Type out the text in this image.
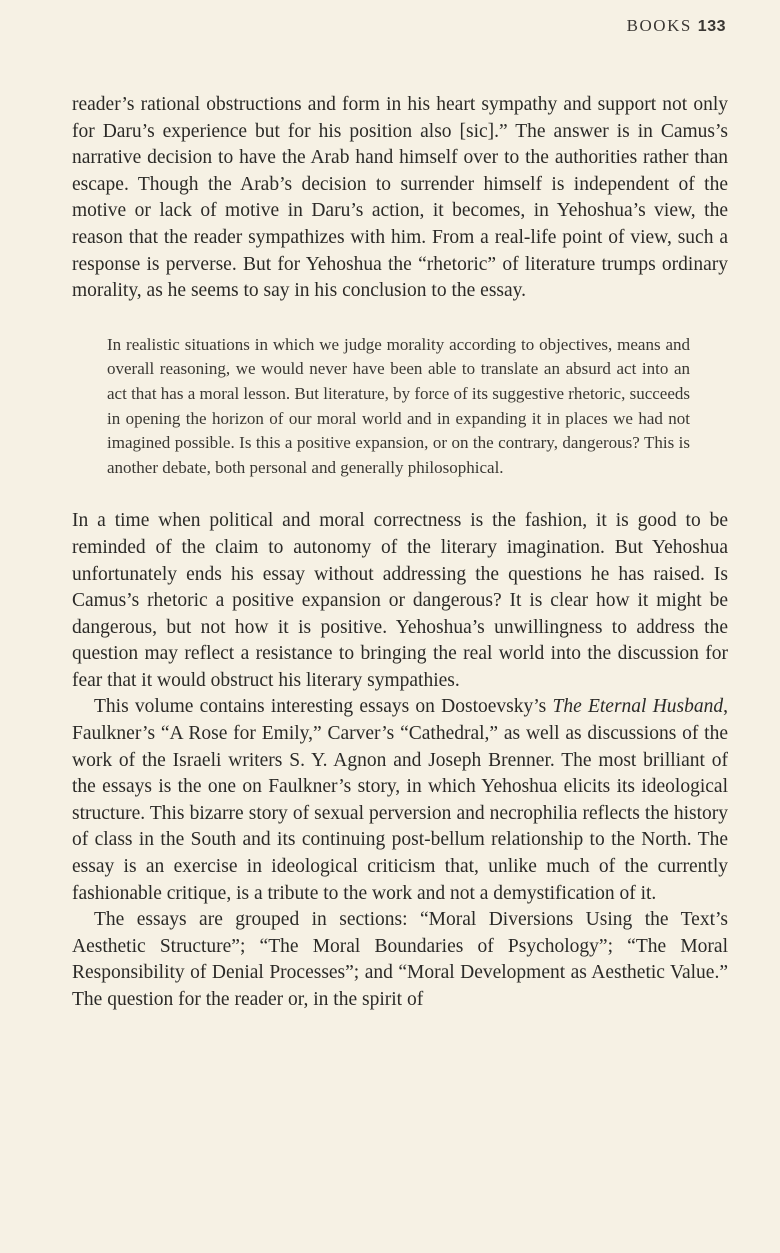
BOOKS 133

reader’s rational obstructions and form in his heart sympathy and support not only for Daru’s experience but for his position also [sic].” The answer is in Camus’s narrative decision to have the Arab hand himself over to the authorities rather than escape. Though the Arab’s decision to surrender himself is independent of the motive or lack of motive in Daru’s action, it becomes, in Yehoshua’s view, the reason that the reader sympathizes with him. From a real-life point of view, such a response is perverse. But for Yehoshua the “rhetoric” of literature trumps ordinary morality, as he seems to say in his conclusion to the essay.

In realistic situations in which we judge morality according to objectives, means and overall reasoning, we would never have been able to translate an absurd act into an act that has a moral lesson. But literature, by force of its suggestive rhetoric, succeeds in opening the horizon of our moral world and in expanding it in places we had not imagined possible. Is this a positive expansion, or on the contrary, dangerous? This is another debate, both personal and generally philosophical.

In a time when political and moral correctness is the fashion, it is good to be reminded of the claim to autonomy of the literary imagination. But Yehoshua unfortunately ends his essay without addressing the questions he has raised. Is Camus’s rhetoric a positive expansion or dangerous? It is clear how it might be dangerous, but not how it is positive. Yehoshua’s unwillingness to address the question may reflect a resistance to bringing the real world into the discussion for fear that it would obstruct his literary sympathies.

This volume contains interesting essays on Dostoevsky’s The Eternal Husband, Faulkner’s “A Rose for Emily,” Carver’s “Cathedral,” as well as discussions of the work of the Israeli writers S. Y. Agnon and Joseph Brenner. The most brilliant of the essays is the one on Faulkner’s story, in which Yehoshua elicits its ideological structure. This bizarre story of sexual perversion and necrophilia reflects the history of class in the South and its continuing post-bellum relationship to the North. The essay is an exercise in ideological criticism that, unlike much of the currently fashionable critique, is a tribute to the work and not a demystification of it.

The essays are grouped in sections: “Moral Diversions Using the Text’s Aesthetic Structure”; “The Moral Boundaries of Psychology”; “The Moral Responsibility of Denial Processes”; and “Moral Development as Aesthetic Value.” The question for the reader or, in the spirit of
